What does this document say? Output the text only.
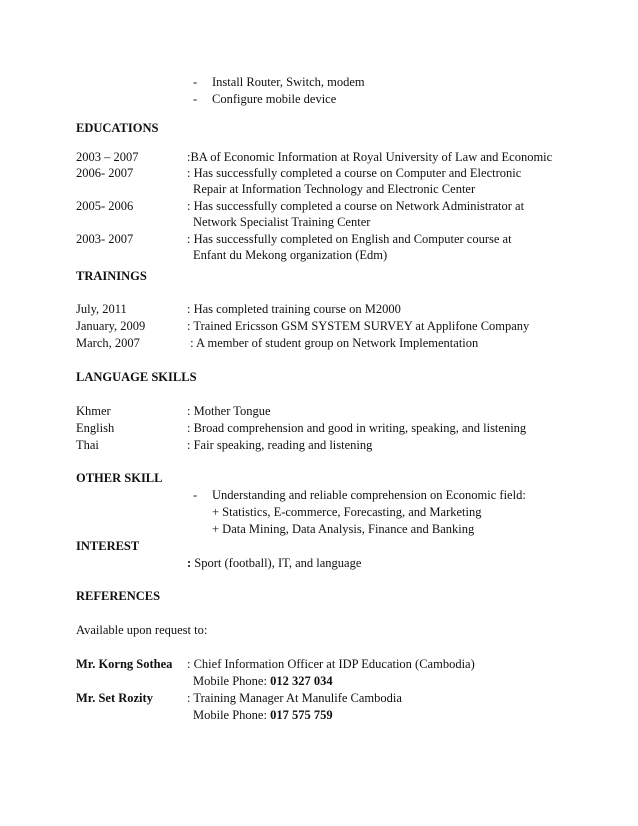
- Install Router, Switch, modem
- Configure mobile device
EDUCATIONS
2003 – 2007	:BA of Economic Information at Royal University of Law and Economic
2006- 2007	: Has successfully completed a course on Computer and Electronic
Repair at Information Technology and Electronic Center
2005- 2006	: Has successfully completed a course on Network Administrator at
Network Specialist Training Center
2003- 2007	: Has successfully completed on English and Computer course at
Enfant du Mekong organization (Edm)
TRAININGS
July, 2011	: Has completed training course on M2000
January, 2009	: Trained Ericsson GSM SYSTEM SURVEY at Applifone Company
March, 2007	: A member of student group on Network Implementation
LANGUAGE SKILLS
Khmer	: Mother Tongue
English	: Broad comprehension and good in writing, speaking, and listening
Thai	: Fair speaking, reading and listening
OTHER SKILL
- Understanding and reliable comprehension on Economic field:
+ Statistics, E-commerce, Forecasting, and Marketing
+ Data Mining, Data Analysis, Finance and Banking
INTEREST
: Sport (football), IT, and language
REFERENCES
Available upon request to:
Mr. Korng Sothea : Chief Information Officer at IDP Education (Cambodia)
Mobile Phone: 012 327 034
Mr. Set Rozity	: Training Manager At Manulife Cambodia
Mobile Phone: 017 575 759
